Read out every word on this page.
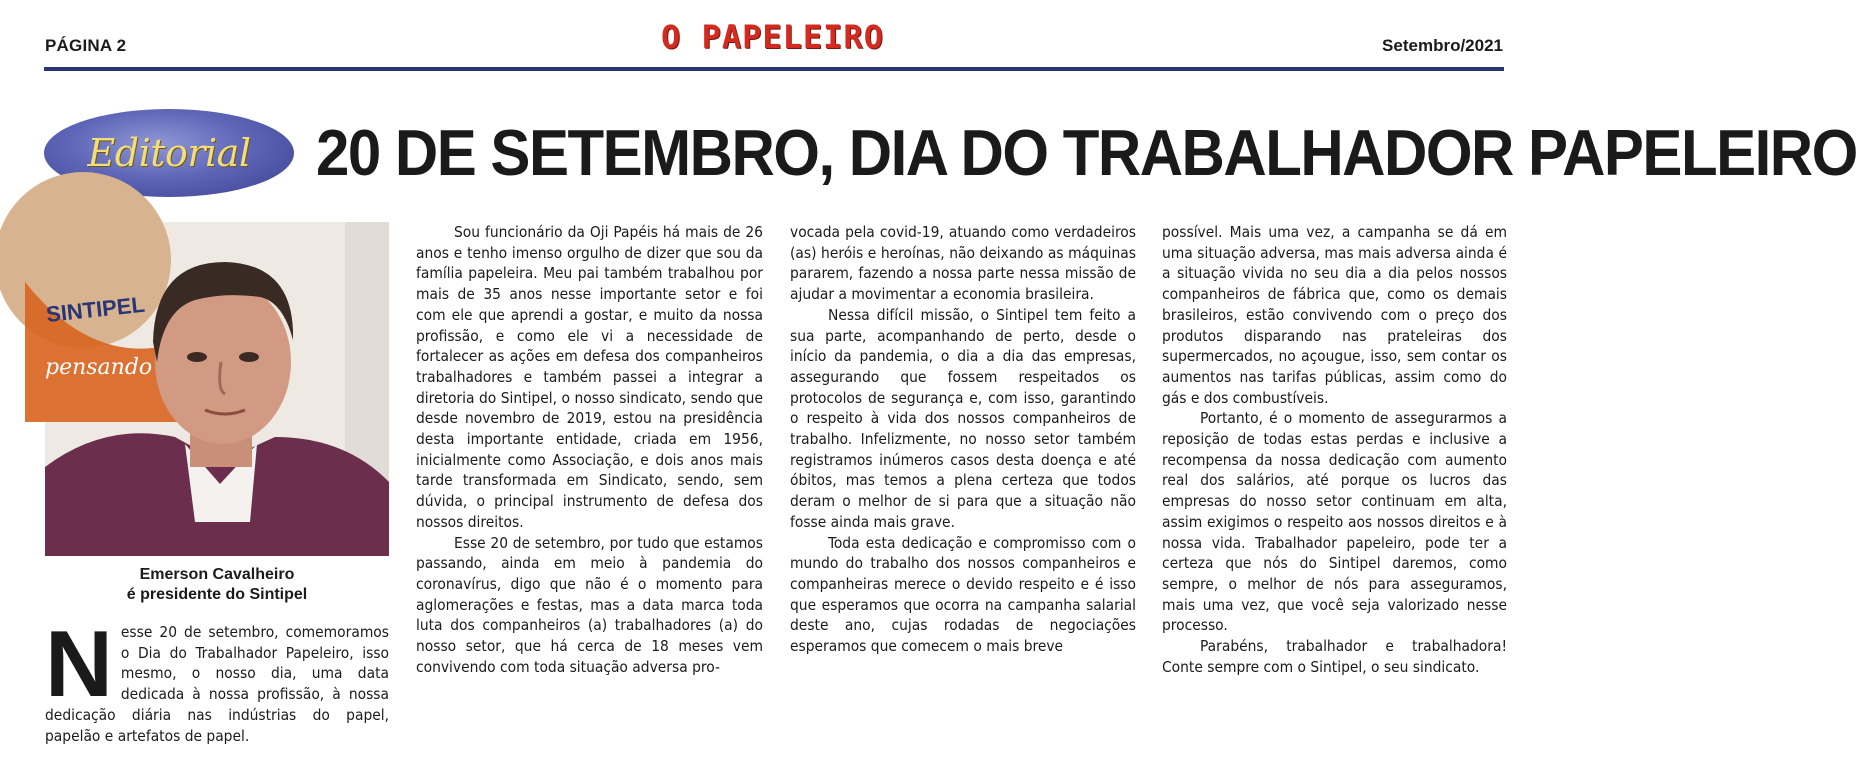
PÁGINA 2	O PAPELEIRO	Setembro/2021
Editorial 20 DE SETEMBRO, DIA DO TRABALHADOR PAPELEIRO
SINTIPEL
pensando
Emerson Cavalheiro
é presidente do Sintipel

Nesse 20 de setembro, comemoramos o Dia do Trabalhador Papeleiro, isso mesmo, o nosso dia, uma data dedicada à nossa profissão, à nossa dedicação diária nas indústrias do papel, papelão e artefatos de papel.

Sou funcionário da Oji Papéis há mais de 26 anos e tenho imenso orgulho de dizer que sou da família papeleira. Meu pai também trabalhou por mais de 35 anos nesse importante setor e foi com ele que aprendi a gostar, e muito da nossa profissão, e como ele vi a necessidade de fortalecer as ações em defesa dos companheiros trabalhadores e também passei a integrar a diretoria do Sintipel, o nosso sindicato, sendo que desde novembro de 2019, estou na presidência desta importante entidade, criada em 1956, inicialmente como Associação, e dois anos mais tarde transformada em Sindicato, sendo, sem dúvida, o principal instrumento de defesa dos nossos direitos.

Esse 20 de setembro, por tudo que estamos passando, ainda em meio à pandemia do coronavírus, digo que não é o momento para aglomerações e festas, mas a data marca toda luta dos companheiros (a) trabalhadores (a) do nosso setor, que há cerca de 18 meses vem convivendo com toda situação adversa pro-

vocada pela covid-19, atuando como verdadeiros (as) heróis e heroínas, não deixando as máquinas pararem, fazendo a nossa parte nessa missão de ajudar a movimentar a economia brasileira.

Nessa difícil missão, o Sintipel tem feito a sua parte, acompanhando de perto, desde o início da pandemia, o dia a dia das empresas, assegurando que fossem respeitados os protocolos de segurança e, com isso, garantindo o respeito à vida dos nossos companheiros de trabalho. Infelizmente, no nosso setor também registramos inúmeros casos desta doença e até óbitos, mas temos a plena certeza que todos deram o melhor de si para que a situação não fosse ainda mais grave.

Toda esta dedicação e compromisso com o mundo do trabalho dos nossos companheiros e companheiras merece o devido respeito e é isso que esperamos que ocorra na campanha salarial deste ano, cujas rodadas de negociações esperamos que comecem o mais breve

possível. Mais uma vez, a campanha se dá em uma situação adversa, mas mais adversa ainda é a situação vivida no seu dia a dia pelos nossos companheiros de fábrica que, como os demais brasileiros, estão convivendo com o preço dos produtos disparando nas prateleiras dos supermercados, no açougue, isso, sem contar os aumentos nas tarifas públicas, assim como do gás e dos combustíveis.

Portanto, é o momento de assegurarmos a reposição de todas estas perdas e inclusive a recompensa da nossa dedicação com aumento real dos salários, até porque os lucros das empresas do nosso setor continuam em alta, assim exigimos o respeito aos nossos direitos e à nossa vida. Trabalhador papeleiro, pode ter a certeza que nós do Sintipel daremos, como sempre, o melhor de nós para asseguramos, mais uma vez, que você seja valorizado nesse processo.

Parabéns, trabalhador e trabalhadora! Conte sempre com o Sintipel, o seu sindicato.
